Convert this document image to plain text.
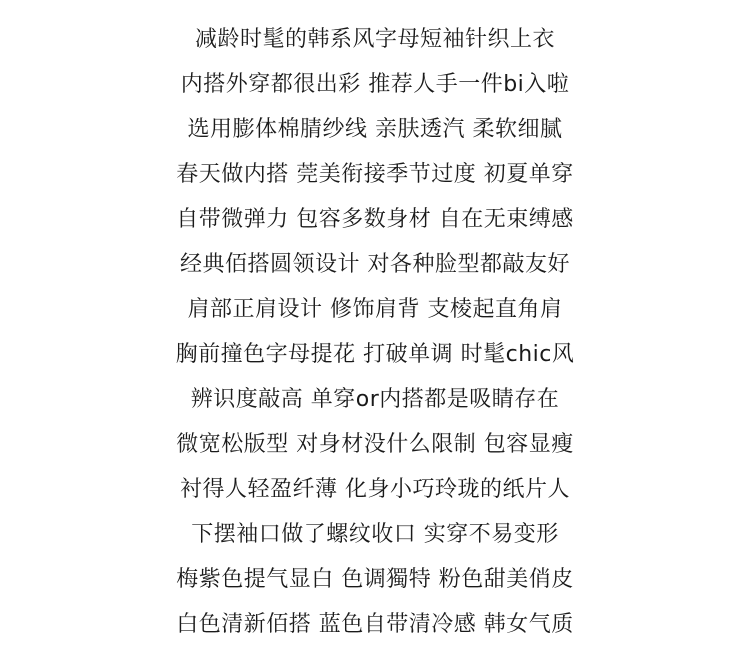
减龄时髦的韩系风字母短袖针织上衣
内搭外穿都很出彩 推荐人手一件bi入啦
选用膨体棉腈纱线 亲肤透汽 柔软细腻
春天做内搭 莞美衔接季节过度 初夏单穿
自带微弹力 包容多数身材 自在无束缚感
经典佰搭圆领设计 对各种脸型都敲友好
肩部正肩设计 修饰肩背 支棱起直角肩
胸前撞色字母提花 打破单调 时髦chic风
辨识度敲高 单穿or内搭都是吸睛存在
微宽松版型 对身材没什么限制 包容显瘦
衬得人轻盈纤薄 化身小巧玲珑的纸片人
下摆袖口做了螺纹收口 实穿不易变形
梅紫色提气显白 色调獨特 粉色甜美俏皮
白色清新佰搭 蓝色自带清冷感 韩女气质
